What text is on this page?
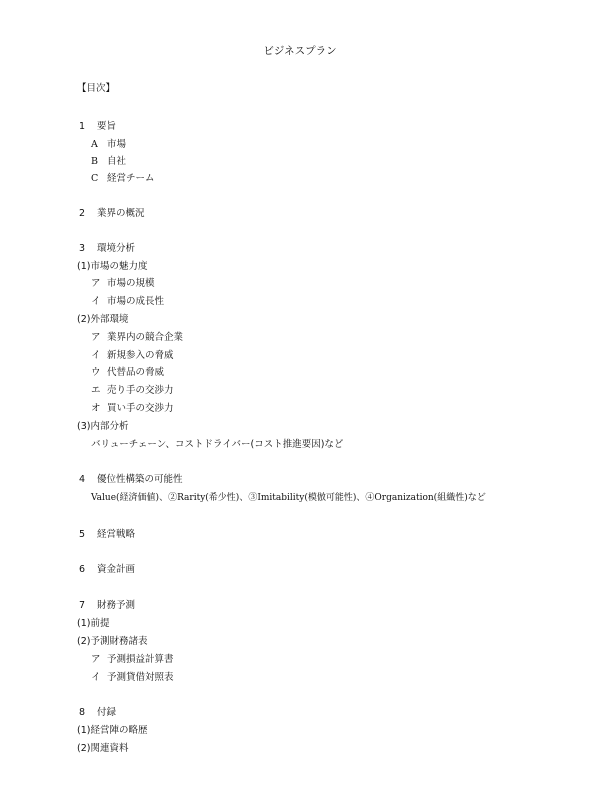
ビジネスプラン
【目次】
1 要旨
A 市場
B 自社
C 経営チーム
2 業界の概況
3 環境分析
(1)市場の魅力度
ア 市場の規模
イ 市場の成長性
(2)外部環境
ア 業界内の競合企業
イ 新規参入の脅威
ウ 代替品の脅威
エ 売り手の交渉力
オ 買い手の交渉力
(3)内部分析
バリューチェーン、コストドライバー(コスト推進要因)など
4 優位性構築の可能性
Value(経済価値)、②Rarity(希少性)、③Imitability(模倣可能性)、④Organization(組織性)など
5 経営戦略
6 資金計画
7 財務予測
(1)前提
(2)予測財務諸表
ア 予測損益計算書
イ 予測貸借対照表
8 付録
(1)経営陣の略歴
(2)関連資料
